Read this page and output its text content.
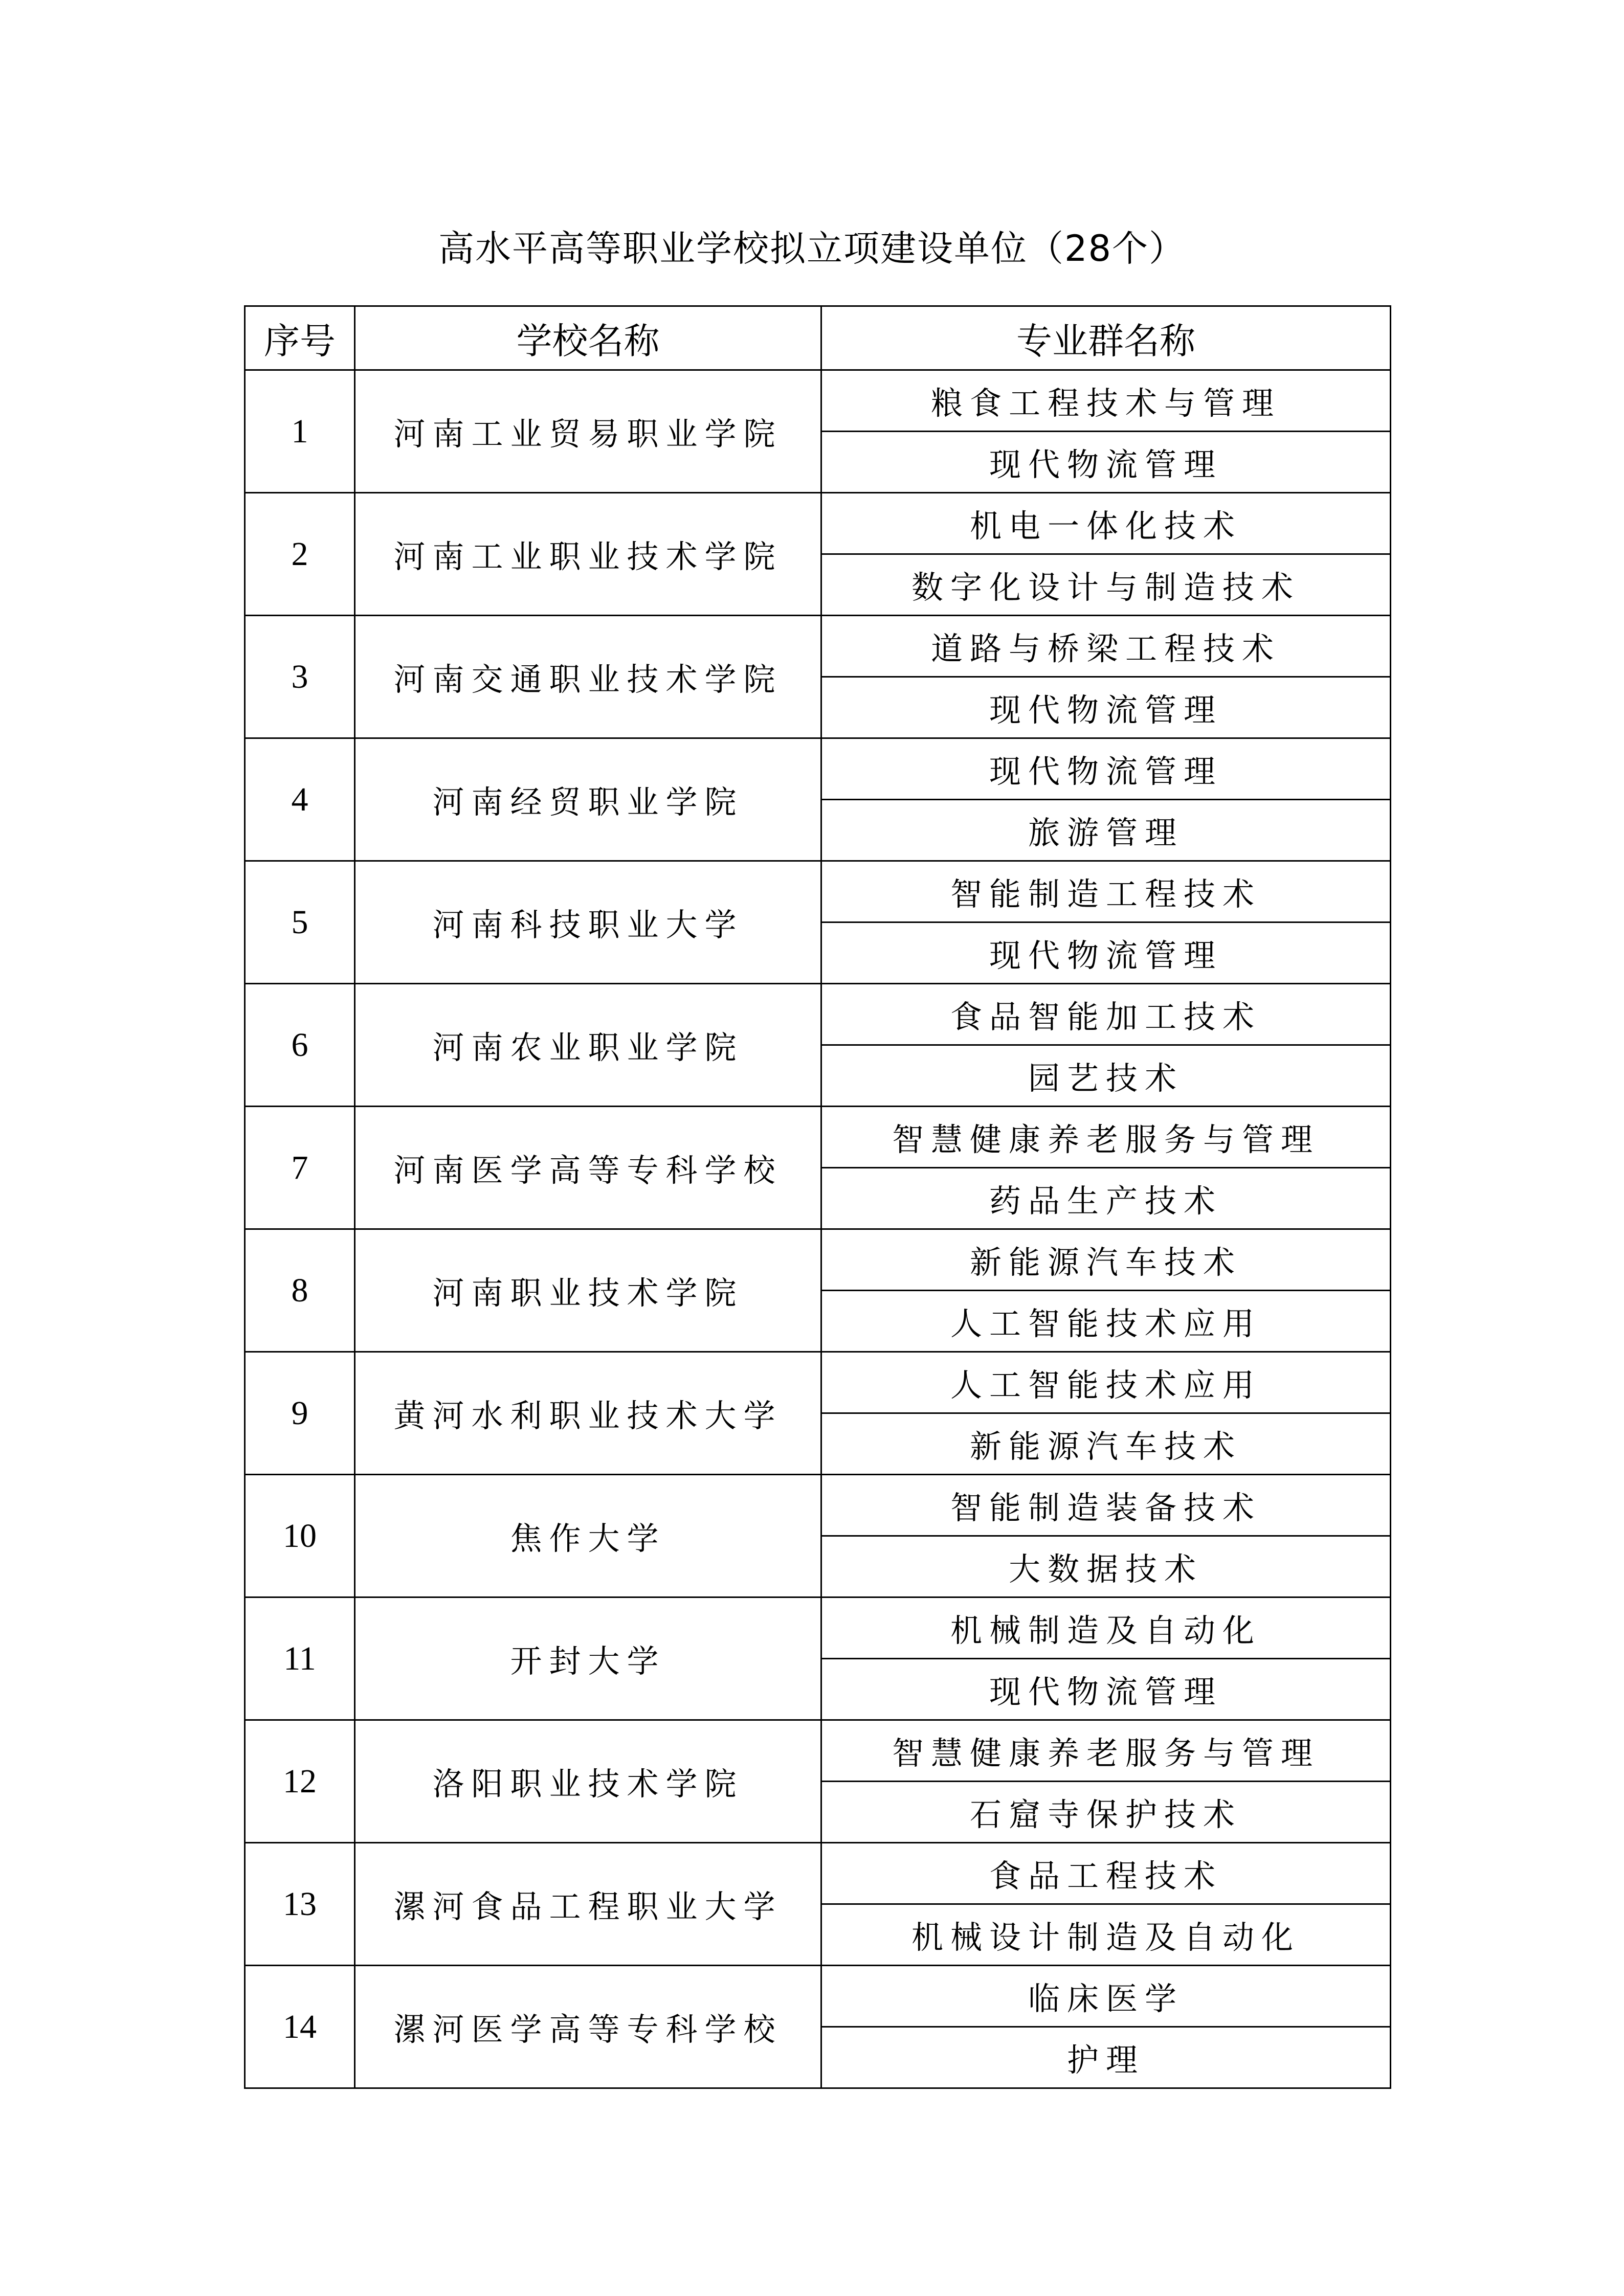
高水平高等职业学校拟立项建设单位（28个）
序号	学校名称	专业群名称
1	河南工业贸易职业学院	粮食工程技术与管理
		现代物流管理
2	河南工业职业技术学院	机电一体化技术
		数字化设计与制造技术
3	河南交通职业技术学院	道路与桥梁工程技术
		现代物流管理
4	河南经贸职业学院	现代物流管理
		旅游管理
5	河南科技职业大学	智能制造工程技术
		现代物流管理
6	河南农业职业学院	食品智能加工技术
		园艺技术
7	河南医学高等专科学校	智慧健康养老服务与管理
		药品生产技术
8	河南职业技术学院	新能源汽车技术
		人工智能技术应用
9	黄河水利职业技术大学	人工智能技术应用
		新能源汽车技术
10	焦作大学	智能制造装备技术
		大数据技术
11	开封大学	机械制造及自动化
		现代物流管理
12	洛阳职业技术学院	智慧健康养老服务与管理
		石窟寺保护技术
13	漯河食品工程职业大学	食品工程技术
		机械设计制造及自动化
14	漯河医学高等专科学校	临床医学
		护理
